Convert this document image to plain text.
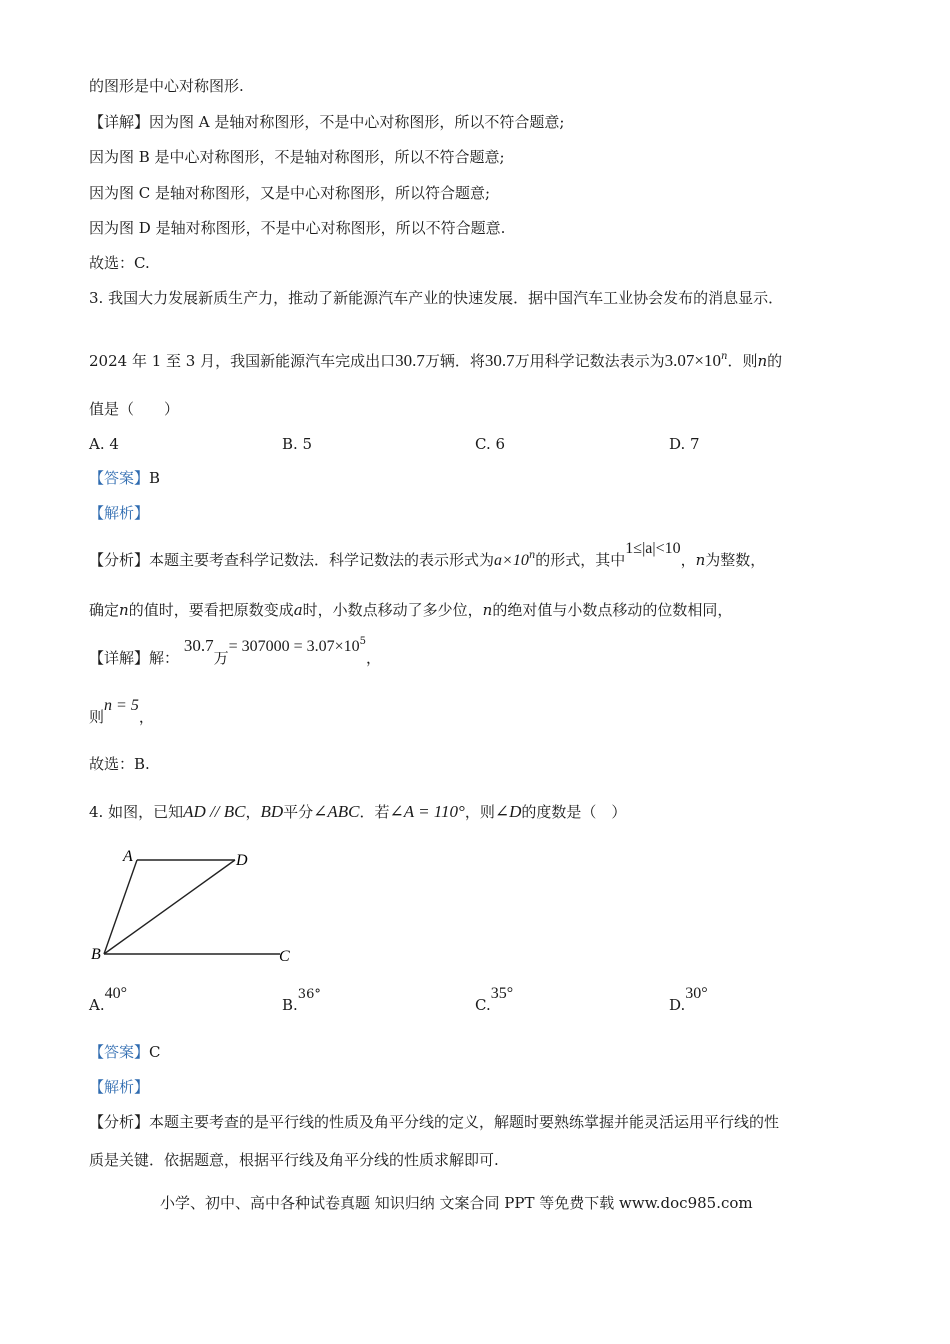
的图形是中心对称图形.
【详解】因为图 A 是轴对称图形，不是中心对称图形，所以不符合题意;
因为图 B 是中心对称图形，不是轴对称图形，所以不符合题意;
因为图 C 是轴对称图形，又是中心对称图形，所以符合题意;
因为图 D 是轴对称图形，不是中心对称图形，所以不符合题意.
故选：C.
3. 我国大力发展新质生产力，推动了新能源汽车产业的快速发展．据中国汽车工业协会发布的消息显示．
2024 年 1 至 3 月，我国新能源汽车完成出口30.7万辆．将30.7万用科学记数法表示为$3.07\times 10^n$．则n的
值是（　　）
A. 4	B. 5	C. 6	D. 7
【答案】B
【解析】
【分析】本题主要考查科学记数法．科学记数法的表示形式为$a\times 10^n$的形式，其中1≤|a|<10，n为整数，
确定n的值时，要看把原数变成a时，小数点移动了多少位，n的绝对值与小数点移动的位数相同，
【详解】解： 30.7万= $307000 = 3.07\times 10^5$，
则n = 5，
故选：B.
4. 如图，已知AD // BC，BD平分∠ABC．若∠A = 110°，则∠D的度数是（　）
A	D
B	C
A.40°
B.36°
C.35°
D.30°
【答案】C
【解析】
【分析】本题主要考查的是平行线的性质及角平分线的定义，解题时要熟练掌握并能灵活运用平行线的性
质是关键．依据题意，根据平行线及角平分线的性质求解即可.
小学、初中、高中各种试卷真题 知识归纳 文案合同 PPT 等免费下载 www.doc985.com
